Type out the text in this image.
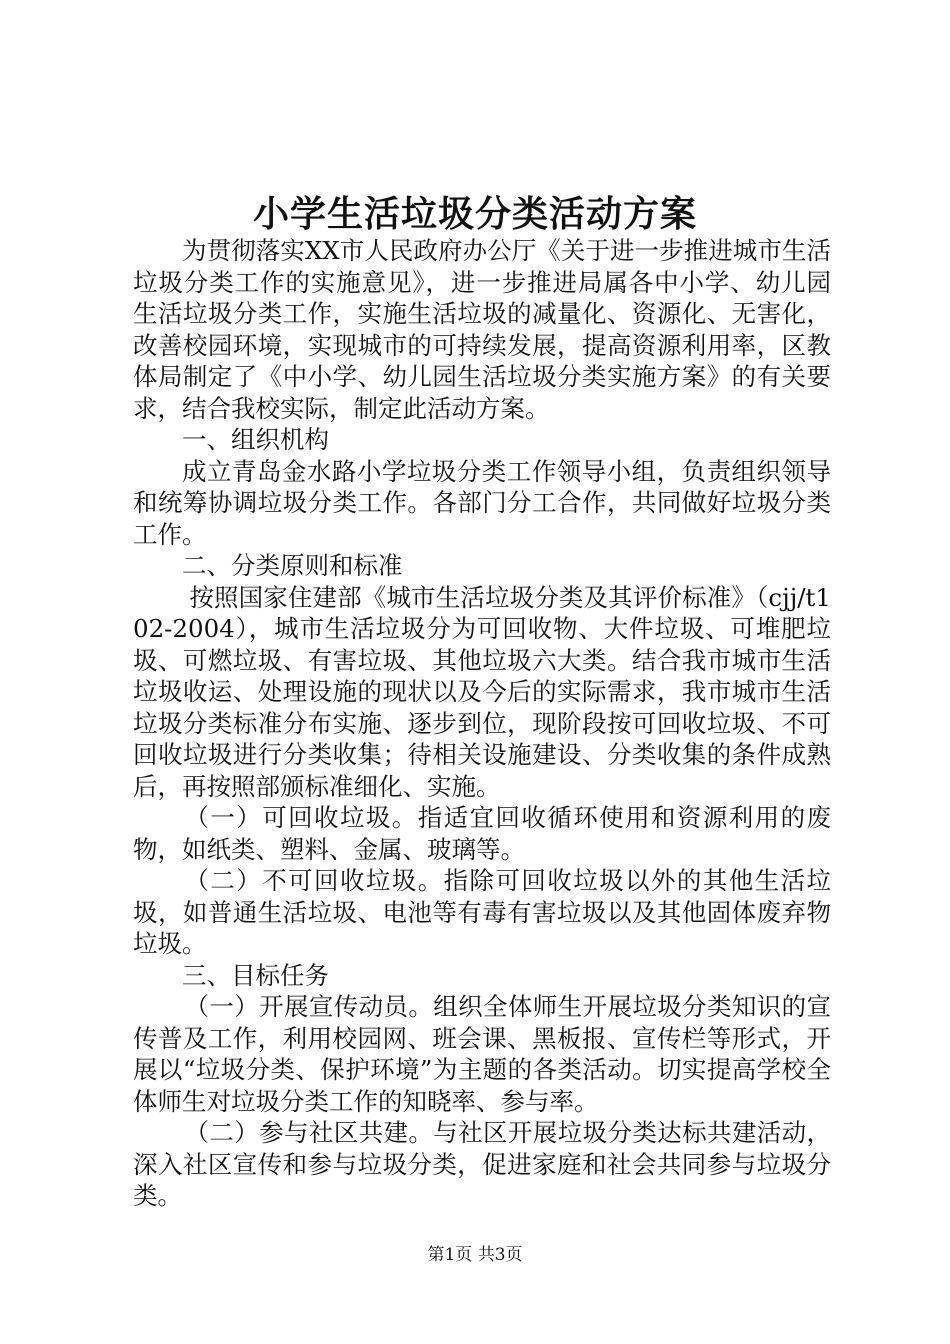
小学生活垃圾分类活动方案

为贯彻落实XX市人民政府办公厅《关于进一步推进城市生活垃圾分类工作的实施意见》，进一步推进局属各中小学、幼儿园生活垃圾分类工作，实施生活垃圾的减量化、资源化、无害化，改善校园环境，实现城市的可持续发展，提高资源利用率，区教体局制定了《中小学、幼儿园生活垃圾分类实施方案》的有关要求，结合我校实际，制定此活动方案。

一、组织机构

成立青岛金水路小学垃圾分类工作领导小组，负责组织领导和统筹协调垃圾分类工作。各部门分工合作，共同做好垃圾分类工作。

二、分类原则和标准

按照国家住建部《城市生活垃圾分类及其评价标准》（cjj/t102-2004），城市生活垃圾分为可回收物、大件垃圾、可堆肥垃圾、可燃垃圾、有害垃圾、其他垃圾六大类。结合我市城市生活垃圾收运、处理设施的现状以及今后的实际需求，我市城市生活垃圾分类标准分布实施、逐步到位，现阶段按可回收垃圾、不可回收垃圾进行分类收集；待相关设施建设、分类收集的条件成熟后，再按照部颁标准细化、实施。

（一）可回收垃圾。指适宜回收循环使用和资源利用的废物，如纸类、塑料、金属、玻璃等。

（二）不可回收垃圾。指除可回收垃圾以外的其他生活垃圾，如普通生活垃圾、电池等有毒有害垃圾以及其他固体废弃物垃圾。

三、目标任务

（一）开展宣传动员。组织全体师生开展垃圾分类知识的宣传普及工作，利用校园网、班会课、黑板报、宣传栏等形式，开展以“垃圾分类、保护环境”为主题的各类活动。切实提高学校全体师生对垃圾分类工作的知晓率、参与率。

（二）参与社区共建。与社区开展垃圾分类达标共建活动，深入社区宣传和参与垃圾分类，促进家庭和社会共同参与垃圾分类。

第1页 共3页
